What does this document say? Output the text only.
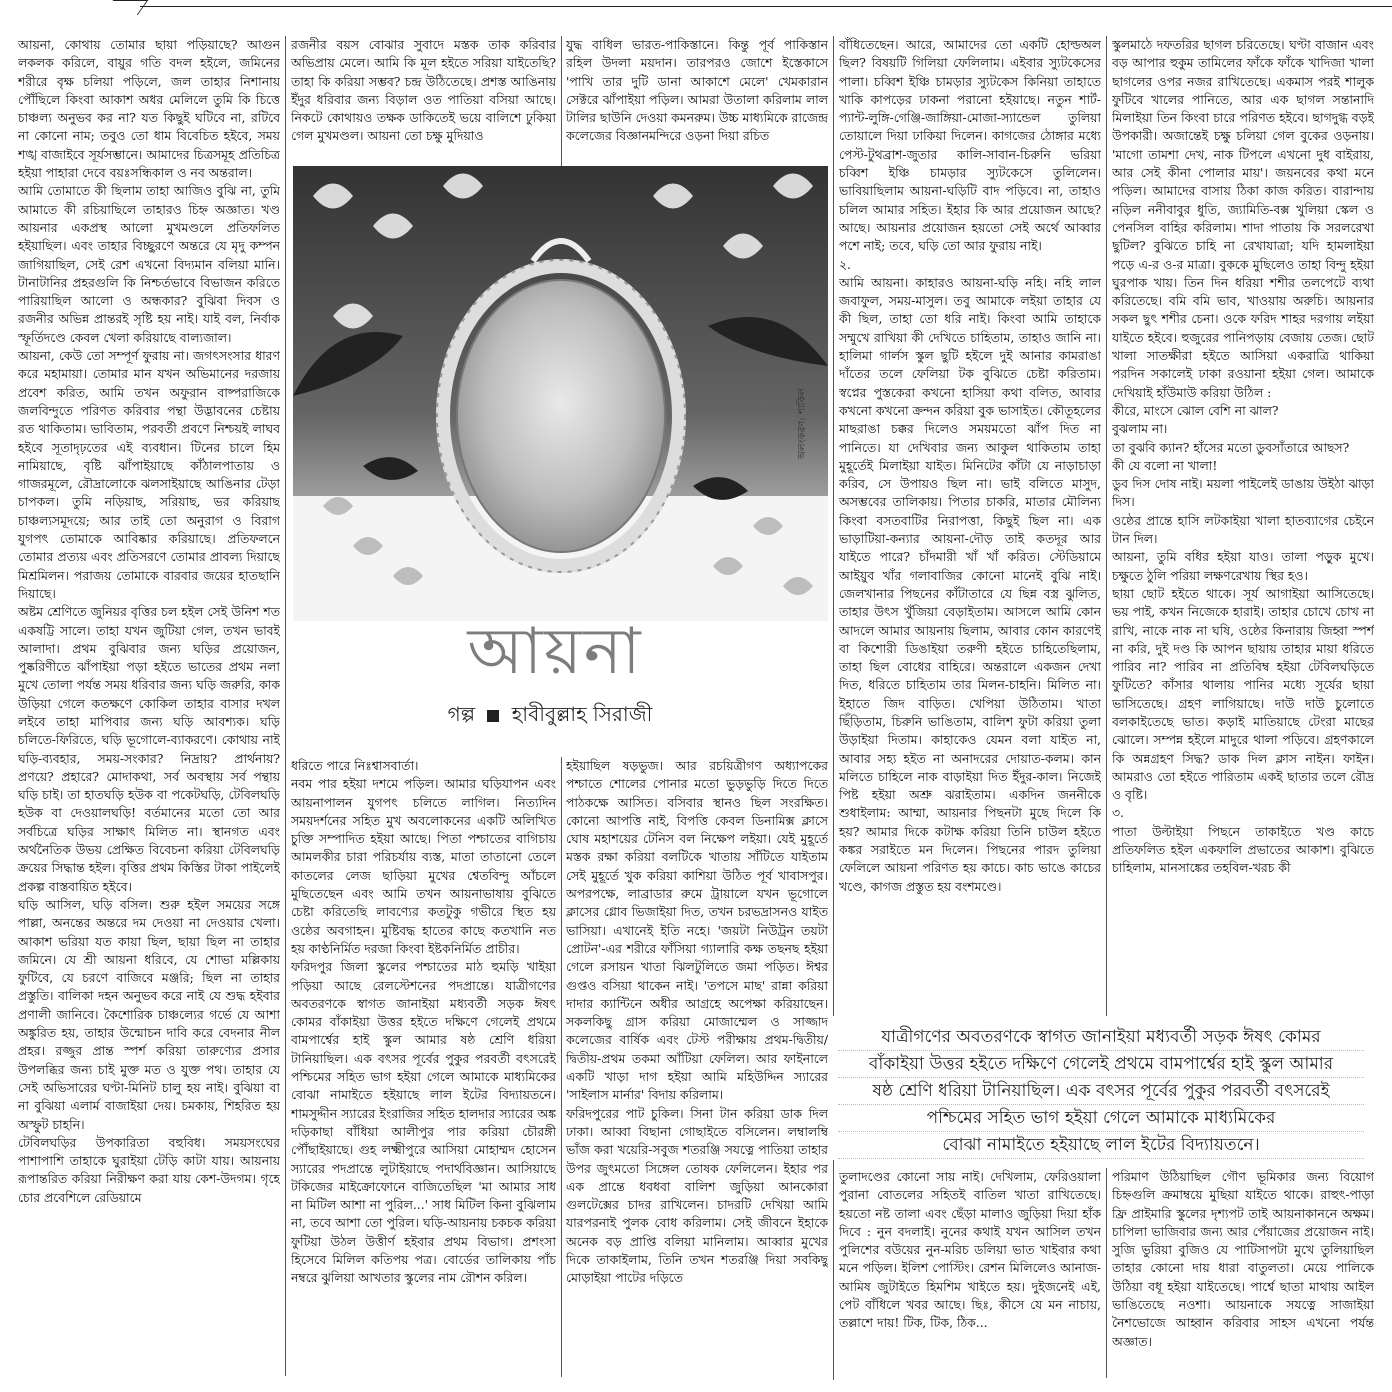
আয়না, কোথায় তোমার ছায়া পড়িয়াছে? আগুন লকলক করিলে, বায়ুর গতি বদল হইলে, জমিনের শরীরে বৃক্ষ চলিয়া পড়িলে, জল তাহার নিশানায় পৌঁছিলে কিংবা আকাশ অধর মেলিলে তুমি কি চিত্তে চাঞ্চল্য অনুভব কর না? যত কিছুই ঘটিবে না, রটিবে না কোনো নাম; তবুও তো ধাম বিবেচিত হইবে, সময় শঙ্খ বাজাইবে সূর্যসম্ভানে। আমাদের চিত্রসমূহ প্রতিচিত্র হইয়া পাহারা দেবে বয়ঃসন্ধিকাল ও নব অন্তরাল।

আমি তোমাতে কী ছিলাম তাহা আজিও বুঝি না, তুমি আমাতে কী রচিয়াছিলে তাহারও চিহ্ন অজ্ঞাত। খণ্ড আয়নার একপ্রস্থ আলো মুখমণ্ডলে প্রতিফলিত হইয়াছিল। এবং তাহার বিচ্ছুরণে অন্তরে যে মৃদু কম্পন জাগিয়াছিল, সেই রেশ এখনো বিদ্যমান বলিয়া মানি। টানাটানির প্রহরগুলি কি নিশ্চর্তভাবে বিভাজন করিতে পারিয়াছিল আলো ও অন্ধকার? বুঝিবা দিবস ও রজনীর অভিন্ন প্রান্তরই সৃষ্টি হয় নাই। যাই বল, নির্বাক স্ফূর্তিদণ্ডে কেবল খেলা করিয়াছে বাল্যজাল।

আয়না, কেউ তো সম্পূর্ণ ফুরায় না। জগৎসংসার ধারণ করে মহামায়া। তোমার মান যখন অভিমানের দরজায় প্রবেশ করিত, আমি তখন অফুরান বাষ্পরাজিকে জলবিন্দুতে পরিণত করিবার পন্থা উদ্ভাবনের চেষ্টায় রত থাকিতাম। ভাবিতাম, পরবর্তী প্রবণে নিশ্চয়ই লাঘব হইবে সূতাদৃঢ়তের এই ব্যবধান। টিনের চালে হিম নামিয়াছে, বৃষ্টি ঝাঁপাইয়াছে কাঁঠালপাতায় ও গাজরমূলে, রৌদ্রালোকে ঝলসাইয়াছে আঙিনার টেড়া চাপকল। তুমি নড়িয়াছ, সরিয়াছ, ভর করিয়াছ চাঞ্চল্যসমূদয়ে; আর তাই তো অনুরাগ ও বিরাগ যুগপৎ তোমাকে আবিষ্কার করিয়াছে। প্রতিফলনে তোমার প্রত্যয় এবং প্রতিসরণে তোমার প্রাবল্য দিয়াছে মিশ্রমিলন। পরাজয় তোমাকে বারবার জয়ের হাতছানি দিয়াছে।

অষ্টম শ্রেণিতে জুনিয়র বৃত্তির চল হইল সেই উনিশ শত একষট্টি সালে। তাহা যখন জুটিয়া গেল, তখন ভাবই আলাদা। প্রথম বুঝিবার জন্য ঘড়ির প্রয়োজন, পুষ্করিণীতে ঝাঁপাইয়া পড়া হইতে ভাতের প্রথম নলা মুখে তোলা পর্যন্ত সময় ধরিবার জন্য ঘড়ি জরুরি, কাক উড়িয়া গেলে কতক্ষণে কোকিল তাহার বাসার দখল লইবে তাহা মাপিবার জন্য ঘড়ি আবশ্যক। ঘড়ি চলিতে-ফিরিতে, ঘড়ি ভূগোলে-ব্যাকরণে। কোথায় নাই ঘড়ি-ব্যবহার, সময়-সংকার? নিদ্রায়? প্রার্থনায়? প্রণয়ে? প্রহারে? মোদাকথা, সর্ব অবস্থায় সর্ব পন্থায় ঘড়ি চাই। তা হাতঘড়ি হউক বা পকেটঘড়ি, টেবিলঘড়ি হউক বা দেওয়ালঘড়ি! বর্তমানের মতো তো আর সর্বচিত্রে ঘড়ির সাক্ষাৎ মিলিত না। স্থানগত এবং অর্থনৈতিক উভয় প্রেক্ষিত বিবেচনা করিয়া টেবিলঘড়ি ক্রয়ের সিদ্ধান্ত হইল। বৃত্তির প্রথম কিস্তির টাকা পাইলেই প্রকল্প বাস্তবায়িত হইবে।

ঘড়ি আসিল, ঘড়ি বসিল। শুরু হইল সময়ের সঙ্গে পাল্লা, অনন্তের অন্তরে দম দেওয়া না দেওয়ার খেলা। আকাশ ভরিয়া যত কায়া ছিল, ছায়া ছিল না তাহার জমিনে। যে শ্রী আয়না ধরিবে, যে শোভা মল্লিকায় ফুটিবে, যে চরণে বাজিবে মঞ্জরি; ছিল না তাহার প্রস্তুতি। বালিকা দহন অনুভব করে নাই যে শুদ্ধ হইবার প্রণালী জানিবে। কৈশোরিক চাঞ্চল্যের গর্ভে যে আশা অঙ্কুরিত হয়, তাহার উন্মোচন দাবি করে বেদনার নীল প্রহর। রজ্জুর প্রান্ত স্পর্শ করিয়া তারুণ্যের প্রসার উপলব্ধির জন্য চাই মুক্ত মত ও যুক্ত পথ। তাহার যে সেই অভিসারের ঘণ্টা-মিনিট চালু হয় নাই। বুঝিয়া বা না বুঝিয়া এলার্ম বাজাইয়া দেয়। চমকায়, শিহরিত হয় অস্ফুট চাহনি।

টেবিলঘড়ির উপকারিতা বহুবিধ। সময়সংঘের পাশাপাশি তাহাকে ঘুরাইয়া টেড়ি কাটা যায়। আয়নায় রূপান্তরিত করিয়া নিরীক্ষণ করা যায় কেশ-উদগম। গৃহে চোর প্রবেশিলে রেডিয়ামে

রজনীর বয়স বোঝার সুবাদে মস্তক তাক করিবার অভিপ্রায় মেলে। আমি কি মূল হইতে সরিয়া যাইতেছি? তাহা কি করিয়া সম্ভব? চন্দ্র উঠিতেছে। প্রশস্ত আঙিনায় ইঁদুর ধরিবার জন্য বিড়াল ওত পাতিয়া বসিয়া আছে। নিকটে কোথায়ও তক্ষক ডাকিতেই ভয়ে বালিশে ঢুকিয়া গেল মুখমণ্ডল। আয়না তো চক্ষু মুদিয়াও

যুদ্ধ বাধিল ভারত-পাকিস্তানে। কিন্তু পূর্ব পাকিস্তান রহিল উদলা ময়দান। তারপরও জোশে ইস্তেকাসে 'পাখি তার দুটি ডানা আকাশে মেলে' খেমকারান সেক্টরে ঝাঁপাইয়া পড়িল। আমরা উতালা করিলাম লাল টালির ছাউনি দেওয়া কমনরুম। উচ্চ মাধ্যমিকে রাজেন্দ্র কলেজের বিজ্ঞানমন্দিরে ওড়না দিয়া রচিত

অলংকরণ: শাকিল
আয়না
গল্প হাবীবুল্লাহ সিরাজী

ধরিতে পারে নিঃশ্বাসবার্তা।

নবম পার হইয়া দশমে পড়িল। আমার ঘড়িযাপন এবং আয়নাপালন যুগপৎ চলিতে লাগিল। নিত্যদিন সময়দর্শনের সহিত মুখ অবলোকনের একটি অলিখিত চুক্তি সম্পাদিত হইয়া আছে। পিতা পশ্চাতের বাগিচায় আমলকীর চারা পরিচর্যায় ব্যস্ত, মাতা তাতানো তেলে কাতলের লেজ ছাড়িয়া মুখের শ্বেতবিন্দু আঁচলে মুছিতেছেন এবং আমি তখন আয়নাভাষায় বুঝিতে চেষ্টা করিতেছি লাবণ্যের কতটুকু গভীরে স্থিত হয় ওষ্ঠের অবগাহন। মুষ্টিবদ্ধ হাতের কাছে কতখানি নত হয় কাণ্ঠনির্মিত দরজা কিংবা ইষ্টকনির্মিত প্রাচীর।

ফরিদপুর জিলা স্কুলের পশ্চাতের মাঠ হুমড়ি খাইয়া পড়িয়া আছে রেলস্টেশনের পদপ্রান্তে। যাত্রীগণের অবতরণকে স্বাগত জানাইয়া মধ্যবর্তী সড়ক ঈষৎ কোমর বাঁকাইয়া উত্তর হইতে দক্ষিণে গেলেই প্রথমে বামপার্শ্বের হাই স্কুল আমার ষষ্ঠ শ্রেণি ধরিয়া টানিয়াছিল। এক বৎসর পূর্বের পুকুর পরবর্তী বৎসরেই পশ্চিমের সহিত ভাগ হইয়া গেলে আমাকে মাধ্যমিকের বোঝা নামাইতে হইয়াছে লাল ইটের বিদ্যায়তনে। শামসুদ্দীন স্যারের ইংরাজির সহিত হালদার স্যারের অঙ্ক দড়িকাছা বাঁধিয়া আলীপুর পার করিয়া চৌরঙ্গী পৌঁছাইয়াছে। গুহ লক্ষ্মীপুরে আসিয়া মোহাম্মদ হোসেন স্যারের পদপ্রান্তে লুটাইয়াছে পদার্থবিজ্ঞান। আসিয়াছে টকিজের মাইক্রোফোনে বাজিতেছিল 'মা আমার সাধ না মিটিল আশা না পুরিল...' সাধ মিটিল কিনা বুঝিলাম না, তবে আশা তো পুরিল। ঘড়ি-আয়নায় চকচক করিয়া ফুটিয়া উঠল উত্তীর্ণ হইবার প্রথম বিভাগ। প্রশংসা হিসেবে মিলিল কতিপয় পত্র। বোর্ডের তালিকায় পাঁচ নম্বরে ঝুলিয়া আখতার স্কুলের নাম রৌশন করিল।

হইয়াছিল ষড়ভুজ। আর রচয়িত্রীগণ অধ্যাপকের পশ্চাতে শোলের পোনার মতো ভুড়ভুড়ি দিতে দিতে পাঠকক্ষে আসিত। বসিবার স্থানও ছিল সংরক্ষিত। কোনো আপত্তি নাই, বিপত্তি কেবল ডিনামিক্স ক্লাসে ঘোষ মহাশয়ের টেনিস বল নিক্ষেপ লইয়া। যেই মুহূর্তে মস্তক রক্ষা করিয়া বলটিকে খাতায় সাঁটিতে যাইতাম সেই মুহূর্তে খুক করিয়া কাশিয়া উঠিত পূর্ব খাবাসপুর। অপরপক্ষে, লাব্রাডার রুমে ট্রায়ালে যখন ভূগোলে ক্লাসের গ্লোব ভিজাইয়া দিত, তখন চরভদ্রাসনও যাইত ভাসিয়া। এখানেই ইতি নহে। 'জয়টা নিউট্রন তয়টা প্রোটন'-এর শরীরে ফাঁসিয়া গ্যালারি কক্ষ তছনছ হইয়া গেলে রসায়ন খাতা ঝিলটুলিতে জমা পড়িত। ঈশ্বর গুপ্তও বসিয়া থাকেন নাই। 'তপসে মাছ' রান্না করিয়া দাদার ক্যান্টিনে অধীর আগ্রহে অপেক্ষা করিয়াছেন। সকলকিছু গ্রাস করিয়া মোজাম্মেল ও সাজ্জাদ কলেজের বার্ষিক এবং টেস্ট পরীক্ষায় প্রথম-দ্বিতীয়/দ্বিতীয়-প্রথম তকমা আঁটিয়া ফেলিল। আর ফাইনালে একটি খাড়া দাগ হইয়া আমি মহিউদ্দিন স্যারের 'সাইলাস মার্নার' বিদায় করিলাম।

ফরিদপুরের পাট চুকিল। সিনা টান করিয়া ডাক দিল ঢাকা। আব্বা বিছানা গোছাইতে বসিলেন। লম্বালম্বি ভাঁজ করা খয়েরি-সবুজ শতরঞ্জি সযত্নে পাতিয়া তাহার উপর জুৎমতো সিঙ্গেল তোষক ফেলিলেন। ইহার পর এক প্রান্তে ধবধবা বালিশ জুড়িয়া আনকোরা গুলটেক্সের চাদর রাখিলেন। চাদরটি দেখিয়া আমি যারপরনাই পুলক বোধ করিলাম। সেই জীবনে ইহাকে অনেক বড় প্রাপ্তি বলিয়া মানিলাম। আব্বার মুখের দিকে তাকাইলাম, তিনি তখন শতরঞ্জি দিয়া সবকিছু মোড়াইয়া পাটের দড়িতে

বাঁধিতেছেন। আরে, আমাদের তো একটি হোল্ডঅল ছিল? বিষয়টি গিলিয়া ফেলিলাম। এইবার স্যুটকেসের পালা। চব্বিশ ইঞ্চি চামড়ার স্যুটকেস কিনিয়া তাহাতে খাকি কাপড়ের ঢাকনা পরানো হইয়াছে। নতুন শার্ট-প্যান্ট-লুঙ্গি-গেঞ্জি-জাঙ্গিয়া-মোজা-স্যান্ডেল তুলিয়া তোয়ালে দিয়া ঢাকিয়া দিলেন। কাগজের ঠোঙ্গার মধ্যে পেস্ট-টুথব্রাশ-জুতার কালি-সাবান-চিরুনি ভরিয়া চব্বিশ ইঞ্চি চামড়ার স্যুটকেসে তুলিলেন। ভাবিয়াছিলাম আয়না-ঘড়িটি বাদ পড়িবে। না, তাহাও চলিল আমার সহিত। ইহার কি আর প্রয়োজন আছে? আছে। আয়নার প্রয়োজন হয়তো সেই অর্থে আব্বার পশে নাই; তবে, ঘড়ি তো আর ফুরায় নাই।

২.

আমি আয়না। কাহারও আয়না-ঘড়ি নহি। নহি লাল জবাফুল, সময়-মাসুল। তবু আমাকে লইয়া তাহার যে কী ছিল, তাহা তো ধরি নাই। কিংবা আমি তাহাকে সম্মুখে রাখিয়া কী দেখিতে চাহিতাম, তাহাও জানি না। হালিমা গার্লস স্কুল ছুটি হইলে দুই আনার কামরাঙা দাঁতের তলে ফেলিয়া টক বুঝিতে চেষ্টা করিতাম। স্বপ্নের পুস্তকেরা কখনো হাসিয়া কথা বলিত, আবার কখনো কখনো ক্রন্দন করিয়া বুক ভাসাইত। কৌতূহলের মাছরাঙা চক্কর দিলেও সময়মতো ঝাঁপ দিত না পানিতে। যা দেখিবার জন্য আকুল থাকিতাম তাহা মুহূর্তেই মিলাইয়া যাইত। মিনিটের কাঁটা যে নাড়াচাড়া করিব, সে উপায়ও ছিল না। ভাই বলিতে মাসুদ, অসম্ভবের তালিকায়। পিতার চাকরি, মাতার মৌলিন্য কিংবা বসতবাটির নিরাপত্তা, কিছুই ছিল না। এক ভাড়াটিয়া-কন্যার আয়না-দৌড় তাই কতদূর আর যাইতে পারে? চাঁদমারী খাঁ খাঁ করিত। স্টেডিয়ামে আইয়ুব খাঁর গলাবাজির কোনো মানেই বুঝি নাই। জেলখানার পিছনের কাঁটাতারে যে ছিন্ন বস্ত্র ঝুলিত, তাহার উৎস খুঁজিয়া বেড়াইতাম। আসলে আমি কোন আদলে আমার আয়নায় ছিলাম, আবার কোন কারণেই বা কিশোরী ডিঙাইয়া তরুণী হইতে চাহিতেছিলাম, তাহা ছিল বোধের বাহিরে। অন্তরালে একজন দেখা দিত, ধরিতে চাহিতাম তার মিলন-চাহনি। মিলিত না। ইহাতে জিদ বাড়িত। খেপিয়া উঠিতাম। খাতা ছিঁড়িতাম, চিরুনি ভাঙিতাম, বালিশ ফুটা করিয়া তুলা উড়াইয়া দিতাম। কাহাকেও যেমন বলা যাইত না, আবার সহ্য হইত না অনাদরের দোয়াত-কলম। কান মলিতে চাহিলে নাক বাড়াইয়া দিত ইঁদুর-কাল। নিজেই পিষ্ট হইয়া অশ্রু ঝরাইতাম। একদিন জননীকে শুধাইলাম: আম্মা, আয়নার পিছনটা মুছে দিলে কি হয়? আমার দিকে কটাক্ষ করিয়া তিনি চাউল হইতে কঙ্কর সরাইতে মন দিলেন। পিছনের পারদ তুলিয়া ফেলিলে আয়না পরিণত হয় কাচে। কাচ ভাঙে কাচের খণ্ডে, কাগজ প্রস্তুত হয় বংশমণ্ডে।

স্কুলমাঠে দফতরির ছাগল চরিতেছে। ঘণ্টা বাজান এবং বড় আপার হুকুম তামিলের ফাঁকে ফাঁকে খাদিজা খালা ছাগলের ওপর নজর রাখিতেছে। একমাস পরই শালুক ফুটিবে খালের পানিতে, আর এক ছাগল সন্তানাদি মিলাইয়া তিন কিংবা চারে পরিণত হইবে। ছাগদুগ্ধ বড়ই উপকারী। অজান্তেই চক্ষু চলিয়া গেল বুকের ওড়নায়। 'মাগো তামশা দেখ, নাক টিপলে এখনো দুধ বাইরায়, আর সেই কীনা পোলার মায়'। জয়নবের কথা মনে পড়িল। আমাদের বাসায় ঠিকা কাজ করিত। বারান্দায় নড়িল ননীবাবুর ধুতি, জ্যামিতি-বক্স খুলিয়া স্কেল ও পেনসিল বাহির করিলাম। শাদা পাতায় কি সরলরেখা ছুটিল? বুঝিতে চাহি না রেখাযাত্রা; যদি হামলাইয়া পড়ে এ-র ও-র মাত্রা। বুককে মুছিলেও তাহা বিন্দু হইয়া ঘুরপাক খায়। তিন দিন ধরিয়া শশীর তলপেটে ব্যথা করিতেছে। বমি বমি ভাব, খাওয়ায় অরুচি। আয়নার সকল ছুৎ শশীর চেনা। ওকে ফরিদ শাহর দরগায় লইয়া যাইতে হইবে। হুজুরের পানিপড়ায় বেজায় তেজ। ছোট খালা সাতক্ষীরা হইতে আসিয়া একরাত্রি থাকিয়া পরদিন সকালেই ঢাকা রওয়ানা হইয়া গেল। আমাকে দেখিয়াই হাঁউমাউ করিয়া উঠিল :

কীরে, মাংসে ঝোল বেশি না ঝাল?

বুঝলাম না।

তা বুঝবি ক্যান? হাঁসের মতো ডুবসাঁতারে আছস?

কী যে বলো না খালা!

ডুব দিস দোষ নাই। ময়লা পাইলেই ডাঙায় উইঠা ঝাড়া দিস।

ওষ্ঠের প্রান্তে হাসি লটকাইয়া খালা হাতব্যাগের চেইনে টান দিল।

আয়না, তুমি বধির হইয়া যাও। তালা পড়ুক মুখে। চক্ষুতে ঠুলি পরিয়া লক্ষণরেখায় স্থির হও।

ছায়া ছোট হইতে থাকে। সূর্য আগাইয়া আসিতেছে। ভয় পাই, কখন নিজেকে হারাই। তাহার চোখে চোখ না রাখি, নাকে নাক না ঘষি, ওষ্ঠের কিনারায় জিহ্বা স্পর্শ না করি, দুই দণ্ড কি আপন ছায়ায় তাহার মায়া ধরিতে পারিব না? পারিব না প্রতিবিম্ব হইয়া টেবিলঘড়িতে ফুটিতে? কাঁসার থালায় পানির মধ্যে সূর্যের ছায়া ভাসিতেছে। গ্রহণ লাগিয়াছে। দাউ দাউ চুলোতে বলকাইতেছে ভাত। কড়াই মাতিয়াছে টেংরা মাছের ঝোলে। সম্পন্ন হইলে মাদুরে থালা পড়িবে। গ্রহণকালে কি অন্নগ্রহণ সিদ্ধ? ডাক দিল ক্লাস নাইন। ফাইন। আমরাও তো হইতে পারিতাম একই ছাতার তলে রৌদ্র ও বৃষ্টি।

৩.

পাতা উল্টাইয়া পিছনে তাকাইতে খণ্ড কাচে প্রতিফলিত হইল একফালি প্রভাতের আকাশ। বুঝিতে চাহিলাম, মানসাঙ্কের তহবিল-খরচ কী

যাত্রীগণের অবতরণকে স্বাগত জানাইয়া মধ্যবর্তী সড়ক ঈষৎ কোমর
বাঁকাইয়া উত্তর হইতে দক্ষিণে গেলেই প্রথমে বামপার্শ্বের হাই স্কুল আমার
ষষ্ঠ শ্রেণি ধরিয়া টানিয়াছিল। এক বৎসর পূর্বের পুকুর পরবর্তী বৎসরেই
পশ্চিমের সহিত ভাগ হইয়া গেলে আমাকে মাধ্যমিকের
বোঝা নামাইতে হইয়াছে লাল ইটের বিদ্যায়তনে।

তুলাদণ্ডের কোনো সায় নাই। দেখিলাম, ফেরিওয়ালা পুরানা বোতলের সহিতই বাতিল খাতা রাখিতেছে। হয়তো নষ্ট তালা এবং ছেঁড়া মালাও জুড়িয়া দিয়া হাঁক দিবে : নুন বদলাই। নুনের কথাই যখন আসিল তখন পুলিশের বউয়ের নুন-মরিচ ডলিয়া ভাত খাইবার কথা মনে পড়িল। ইলিশ পোস্টিং। রেশন মিলিলেও আনাজ-আমিষ জুটাইতে হিমশিম খাইতে হয়। দুইজনেই এই, পেট বাঁধিলে খবর আছে। ছিঃ, কীসে যে মন নাচায়, তল্লাশে দায়! টিক, টিক, ঠিক...

পরিমাণ উঠিয়াছিল গৌণ ভূমিকার জন্য বিয়োগ চিহ্নগুলি ক্রমাম্বয়ে মুছিয়া যাইতে থাকে। রাহুৎ-পাড়া ফ্রি প্রাইমারি স্কুলের দৃশ্যপট তাই আয়নাকাননে অক্ষম। চাপিলা ভাজিবার জন্য আর পেঁয়াজের প্রয়োজন নাই। সুজি ভুরিয়া বুজিও যে পাটিসাপটা মুখে তুলিয়াছিল তাহার কোনো দায় ধারা বাতুলতা। মেয়ে পালিকে উঠিয়া বধূ হইয়া যাইতেছে। পার্শ্বে ছাতা মাথায় আইল ভাঙিতেছে নওশা। আয়নাকে সযত্নে সাজাইয়া নৈশভোজে আহ্বান করিবার সাহস এখনো পর্যন্ত অজ্ঞাত।
